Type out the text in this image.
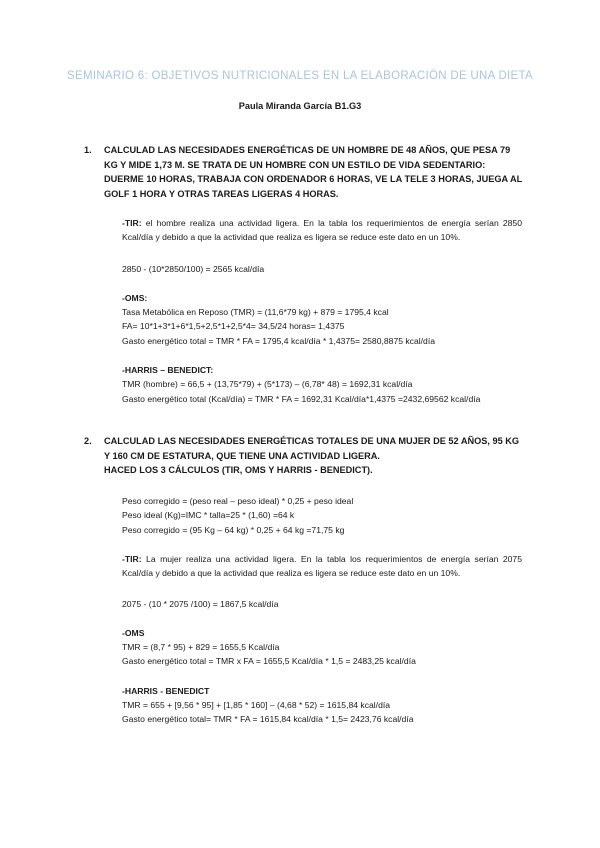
SEMINARIO 6: OBJETIVOS NUTRICIONALES EN LA ELABORACIÓN DE UNA DIETA
Paula Miranda García B1.G3
1. CALCULAD LAS NECESIDADES ENERGÉTICAS DE UN HOMBRE DE 48 AÑOS, QUE PESA 79 KG Y MIDE 1,73 M. SE TRATA DE UN HOMBRE CON UN ESTILO DE VIDA SEDENTARIO: DUERME 10 HORAS, TRABAJA CON ORDENADOR 6 HORAS, VE LA TELE 3 HORAS, JUEGA AL GOLF 1 HORA Y OTRAS TAREAS LIGERAS 4 HORAS.
-TIR: el hombre realiza una actividad ligera. En la tabla los requerimientos de energía serían 2850 Kcal/día y debido a que la actividad que realiza es ligera se reduce este dato en un 10%.
2850 - (10*2850/100) = 2565 kcal/día
-OMS:
Tasa Metabólica en Reposo (TMR) = (11,6*79 kg) + 879 = 1795,4 kcal
FA= 10*1+3*1+6*1,5+2,5*1+2,5*4= 34,5/24 horas= 1,4375
Gasto energético total = TMR * FA = 1795,4 kcal/día * 1,4375= 2580,8875 kcal/día
-HARRIS – BENEDICT:
TMR (hombre) = 66,5 + (13,75*79) + (5*173) – (6,78* 48) = 1692,31 kcal/día
Gasto energético total (Kcal/día) = TMR * FA = 1692,31 Kcal/día*1,4375 =2432,69562 kcal/día
2. CALCULAD LAS NECESIDADES ENERGÉTICAS TOTALES DE UNA MUJER DE 52 AÑOS, 95 KG Y 160 CM DE ESTATURA, QUE TIENE UNA ACTIVIDAD LIGERA.
HACED LOS 3 CÁLCULOS (TIR, OMS Y HARRIS - BENEDICT).
Peso corregido = (peso real – peso ideal) * 0,25 + peso ideal
Peso ideal (Kg)=IMC * talla=25 * (1,60) =64 k
Peso corregido = (95 Kg – 64 kg) * 0,25 + 64 kg =71,75 kg
-TIR: La mujer realiza una actividad ligera. En la tabla los requerimientos de energía serían 2075 Kcal/día y debido a que la actividad que realiza es ligera se reduce este dato en un 10%.
2075 - (10 * 2075 /100) = 1867,5 kcal/día
-OMS
TMR = (8,7 * 95) + 829 = 1655,5 Kcal/día
Gasto energético total = TMR x FA = 1655,5 Kcal/día * 1,5 = 2483,25 kcal/día
-HARRIS - BENEDICT
TMR = 655 + [9,56 * 95] + [1,85 * 160] – (4,68 * 52) = 1615,84 kcal/día
Gasto energético total= TMR * FA = 1615,84 kcal/día * 1,5= 2423,76 kcal/día
